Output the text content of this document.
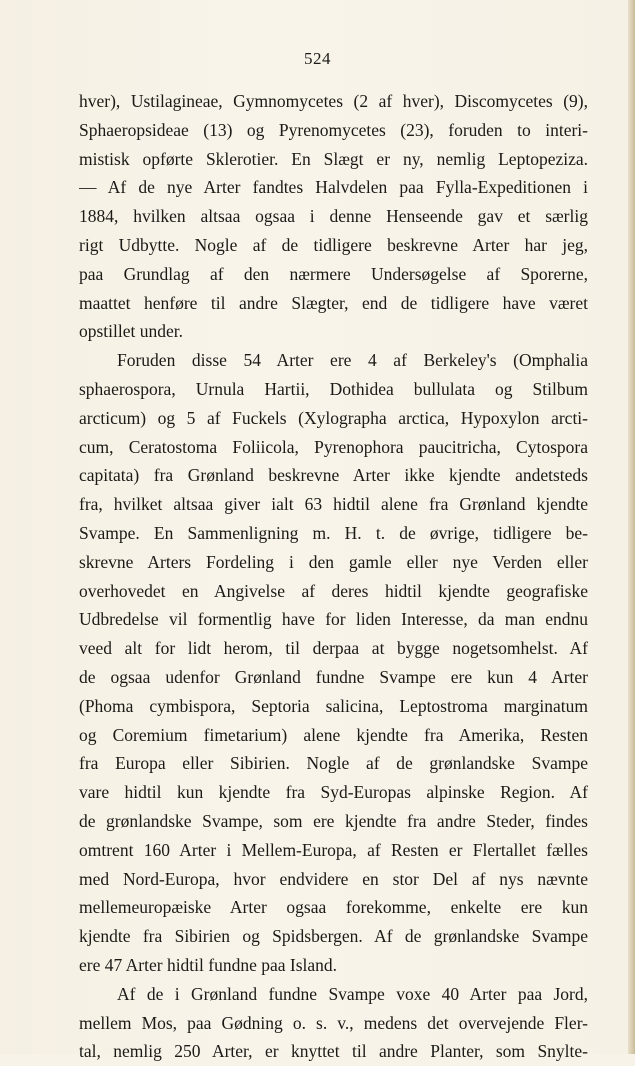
524
hver), Ustilagineae, Gymnomycetes (2 af hver), Discomycetes (9),
Sphaeropsideae (13) og Pyrenomycetes (23), foruden to interi-
mistisk opførte Sklerotier. En Slægt er ny, nemlig Leptopeziza.
— Af de nye Arter fandtes Halvdelen paa Fylla-Expeditionen i
1884, hvilken altsaa ogsaa i denne Henseende gav et særlig
rigt Udbytte. Nogle af de tidligere beskrevne Arter har jeg,
paa Grundlag af den nærmere Undersøgelse af Sporerne,
maattet henføre til andre Slægter, end de tidligere have været
opstillet under.
Foruden disse 54 Arter ere 4 af Berkeley's (Omphalia
sphaerospora, Urnula Hartii, Dothidea bullulata og Stilbum
arcticum) og 5 af Fuckels (Xylographa arctica, Hypoxylon arcti-
cum, Ceratostoma Foliicola, Pyrenophora paucitricha, Cytospora
capitata) fra Grønland beskrevne Arter ikke kjendte andetsteds
fra, hvilket altsaa giver ialt 63 hidtil alene fra Grønland kjendte
Svampe. En Sammenligning m. H. t. de øvrige, tidligere be-
skrevne Arters Fordeling i den gamle eller nye Verden eller
overhovedet en Angivelse af deres hidtil kjendte geografiske
Udbredelse vil formentlig have for liden Interesse, da man endnu
veed alt for lidt herom, til derpaa at bygge nogetsomhelst. Af
de ogsaa udenfor Grønland fundne Svampe ere kun 4 Arter
(Phoma cymbispora, Septoria salicina, Leptostroma marginatum
og Coremium fimetarium) alene kjendte fra Amerika, Resten
fra Europa eller Sibirien. Nogle af de grønlandske Svampe
vare hidtil kun kjendte fra Syd-Europas alpinske Region. Af
de grønlandske Svampe, som ere kjendte fra andre Steder, findes
omtrent 160 Arter i Mellem-Europa, af Resten er Flertallet fælles
med Nord-Europa, hvor endvidere en stor Del af nys nævnte
mellemeuropæiske Arter ogsaa forekomme, enkelte ere kun
kjendte fra Sibirien og Spidsbergen. Af de grønlandske Svampe
ere 47 Arter hidtil fundne paa Island.
Af de i Grønland fundne Svampe voxe 40 Arter paa Jord,
mellem Mos, paa Gødning o. s. v., medens det overvejende Fler-
tal, nemlig 250 Arter, er knyttet til andre Planter, som Snylte-
